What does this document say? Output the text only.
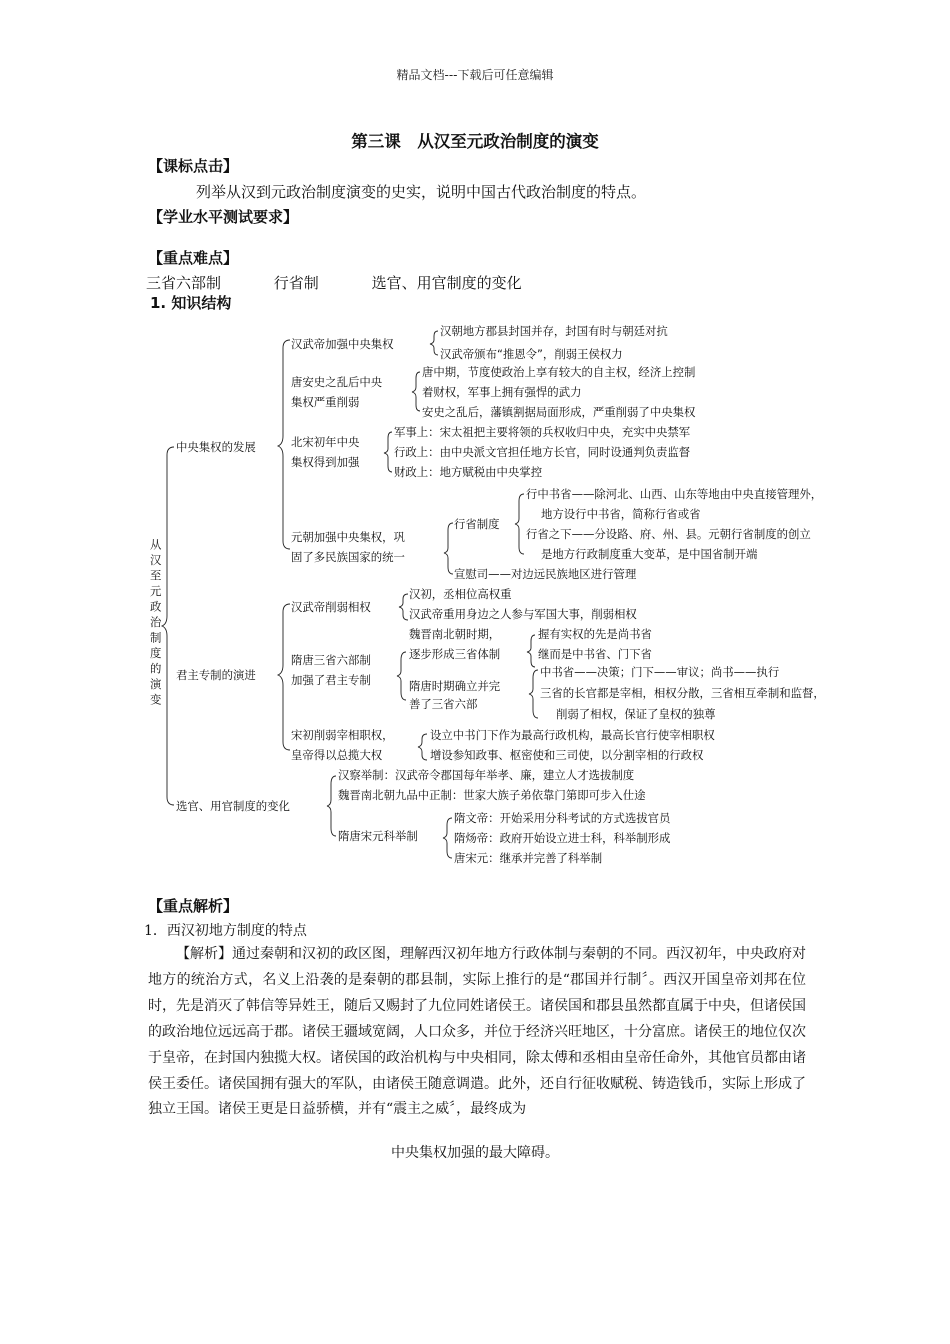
精品文档---下载后可任意编辑
第三课　从汉至元政治制度的演变
【课标点击】
列举从汉到元政治制度演变的史实，说明中国古代政治制度的特点。
【学业水平测试要求】
【重点难点】
三省六部制	行省制	选官、用官制度的变化
1. 知识结构
从汉至元政治制度的演变
中央集权的发展
君主专制的演进
选官、用官制度的变化
汉武帝加强中央集权
汉朝地方郡县封国并存，封国有时与朝廷对抗
汉武帝颁布“推恩令”，削弱王侯权力
唐安史之乱后中央
集权严重削弱
唐中期，节度使政治上享有较大的自主权，经济上控制
着财权，军事上拥有强悍的武力
安史之乱后，藩镇割据局面形成，严重削弱了中央集权
北宋初年中央
集权得到加强
军事上：宋太祖把主要将领的兵权收归中央，充实中央禁军
行政上：由中央派文官担任地方长官，同时设通判负责监督
财政上：地方赋税由中央掌控
元朝加强中央集权，巩
固了多民族国家的统一
行省制度
行中书省——除河北、山西、山东等地由中央直接管理外，
地方设行中书省，简称行省或省
行省之下——分设路、府、州、县。元朝行省制度的创立
是地方行政制度重大变革，是中国省制开端
宣慰司——对边远民族地区进行管理
汉武帝削弱相权
汉初，丞相位高权重
汉武帝重用身边之人参与军国大事，削弱相权
隋唐三省六部制
加强了君主专制
魏晋南北朝时期，
逐步形成三省体制
握有实权的先是尚书省
继而是中书省、门下省
隋唐时期确立并完
善了三省六部
中书省——决策；门下——审议；尚书——执行
三省的长官都是宰相，相权分散，三省相互牵制和监督，
削弱了相权，保证了皇权的独尊
宋初削弱宰相职权，
皇帝得以总揽大权
设立中书门下作为最高行政机构，最高长官行使宰相职权
增设参知政事、枢密使和三司使，以分割宰相的行政权
汉察举制：汉武帝令郡国每年举孝、廉，建立人才选拔制度
魏晋南北朝九品中正制：世家大族子弟依靠门第即可步入仕途
隋唐宋元科举制
隋文帝：开始采用分科考试的方式选拔官员
隋炀帝：政府开始设立进士科，科举制形成
唐宋元：继承并完善了科举制
【重点解析】
1．西汉初地方制度的特点
【解析】通过秦朝和汉初的政区图，理解西汉初年地方行政体制与秦朝的不同。西汉初年，中央政府对地方的统治方式，名义上沿袭的是秦朝的郡县制，实际上推行的是“郡国并行制〞。西汉开国皇帝刘邦在位时，先是消灭了韩信等异姓王，随后又赐封了九位同姓诸侯王。诸侯国和郡县虽然都直属于中央，但诸侯国的政治地位远远高于郡。诸侯王疆域宽阔，人口众多，并位于经济兴旺地区，十分富庶。诸侯王的地位仅次于皇帝，在封国内独揽大权。诸侯国的政治机构与中央相同，除太傅和丞相由皇帝任命外，其他官员都由诸侯王委任。诸侯国拥有强大的军队，由诸侯王随意调遣。此外，还自行征收赋税、铸造钱币，实际上形成了独立王国。诸侯王更是日益骄横，并有“震主之威〞，最终成为
中央集权加强的最大障碍。
